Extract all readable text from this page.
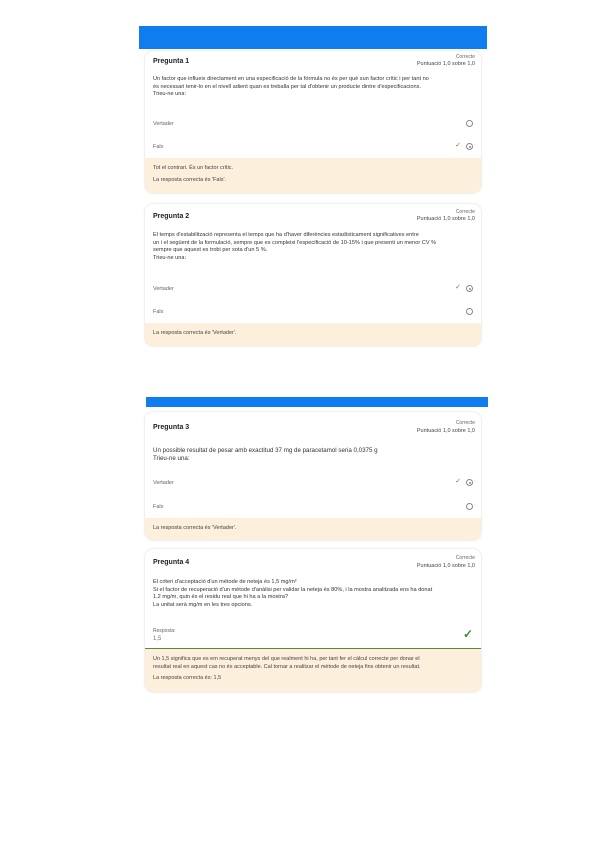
Pregunta 1
Correcte
Puntuació 1,0 sobre 1,0
Un factor que influeix directament en una especificació de la fórmula no és per què sun factor crític i per tant no
és necessari tenir-lo en el nivell adient quan es treballa per tal d'obtenir un producte dintre d'especificacions.
Trieu-ne una:
Vertader
Fals	✓
Tot el contrari. És un factor crític.
La resposta correcta és 'Fals'.
Pregunta 2
Correcte
Puntuació 1,0 sobre 1,0
El temps d'estabilització representa el temps que ha d'haver diferències estadísticament significatives entre
un i el següent de la formulació, sempre que es compleixi l'especificació de 10-15% i que presenti un menor CV %
sempre que aquest es trobi per sota d'un 5 %.
Trieu-ne una:
Vertader	✓
Fals
La resposta correcta és 'Vertader'.
Pregunta 3
Correcte
Puntuació 1,0 sobre 1,0
Un possible resultat de pesar amb exactitud 37 mg de paracetamol seria 0,0375 g
Trieu-ne una:
Vertader	✓
Fals
La resposta correcta és 'Vertader'.
Pregunta 4
Correcte
Puntuació 1,0 sobre 1,0
El criteri d'acceptació d'un mètode de neteja és 1,5 mg/m²
Si el factor de recuperació d'un mètode d'anàlisi per validar la neteja és 80%, i la mostra analitzada ens ha donat
1,2 mg/m, quin és el residu real que hi ha a la mostra?
La unitat serà mg/m en les tres opcions.
Resposta:
1,5	✓
Un 1,5 significa que es em recuperat menys del que realment hi ha, per tant fer el càlcul correcte per donar el
resultat real en aquest cas no és acceptable. Cal tornar a realitzar el mètode de neteja fins obtenir un resultat.
La resposta correcta és: 1,5
